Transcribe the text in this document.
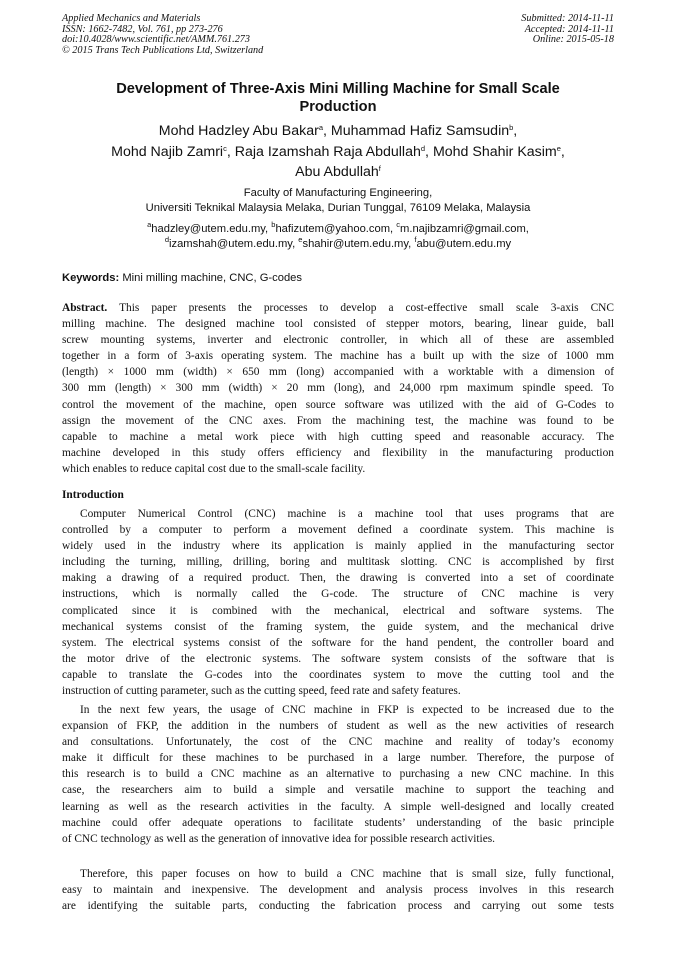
Applied Mechanics and Materials
ISSN: 1662-7482, Vol. 761, pp 273-276
doi:10.4028/www.scientific.net/AMM.761.273
© 2015 Trans Tech Publications Ltd, Switzerland
Submitted: 2014-11-11
Accepted: 2014-11-11
Online: 2015-05-18
Development of Three-Axis Mini Milling Machine for Small Scale
Production
Mohd Hadzley Abu Bakar$^a$, Muhammad Hafiz Samsudin$^b$,
Mohd Najib Zamri$^c$, Raja Izamshah Raja Abdullah$^d$, Mohd Shahir Kasim$^e$,
Abu Abdullah$^f$
Faculty of Manufacturing Engineering,
Universiti Teknikal Malaysia Melaka, Durian Tunggal, 76109 Melaka, Malaysia
$^a$hadzley@utem.edu.my, $^b$hafizutem@yahoo.com, $^c$m.najibzamri@gmail.com,
$^d$izamshah@utem.edu.my, $^e$shahir@utem.edu.my, $^f$abu@utem.edu.my
Keywords: Mini milling machine, CNC, G-codes
Abstract. This paper presents the processes to develop a cost-effective small scale 3-axis CNC
milling machine. The designed machine tool consisted of stepper motors, bearing, linear guide, ball
screw mounting systems, inverter and electronic controller, in which all of these are assembled
together in a form of 3-axis operating system. The machine has a built up with the size of 1000 mm
(length) × 1000 mm (width) × 650 mm (long) accompanied with a worktable with a dimension of
300 mm (length) × 300 mm (width) × 20 mm (long), and 24,000 rpm maximum spindle speed. To
control the movement of the machine, open source software was utilized with the aid of G-Codes to
assign the movement of the CNC axes. From the machining test, the machine was found to be
capable to machine a metal work piece with high cutting speed and reasonable accuracy. The
machine developed in this study offers efficiency and flexibility in the manufacturing production
which enables to reduce capital cost due to the small-scale facility.
Introduction
Computer Numerical Control (CNC) machine is a machine tool that uses programs that are
controlled by a computer to perform a movement defined a coordinate system. This machine is
widely used in the industry where its application is mainly applied in the manufacturing sector
including the turning, milling, drilling, boring and multitask slotting. CNC is accomplished by first
making a drawing of a required product. Then, the drawing is converted into a set of coordinate
instructions, which is normally called the G-code. The structure of CNC machine is very
complicated since it is combined with the mechanical, electrical and software systems. The
mechanical systems consist of the framing system, the guide system, and the mechanical drive
system. The electrical systems consist of the software for the hand pendent, the controller board and
the motor drive of the electronic systems. The software system consists of the software that is
capable to translate the G-codes into the coordinates system to move the cutting tool and the
instruction of cutting parameter, such as the cutting speed, feed rate and safety features.
In the next few years, the usage of CNC machine in FKP is expected to be increased due to the
expansion of FKP, the addition in the numbers of student as well as the new activities of research
and consultations. Unfortunately, the cost of the CNC machine and reality of today’s economy
make it difficult for these machines to be purchased in a large number. Therefore, the purpose of
this research is to build a CNC machine as an alternative to purchasing a new CNC machine. In this
case, the researchers aim to build a simple and versatile machine to support the teaching and
learning as well as the research activities in the faculty. A simple well-designed and locally created
machine could offer adequate operations to facilitate students’ understanding of the basic principle
of CNC technology as well as the generation of innovative idea for possible research activities.
Therefore, this paper focuses on how to build a CNC machine that is small size, fully functional,
easy to maintain and inexpensive. The development and analysis process involves in this research
are identifying the suitable parts, conducting the fabrication process and carrying out some tests
